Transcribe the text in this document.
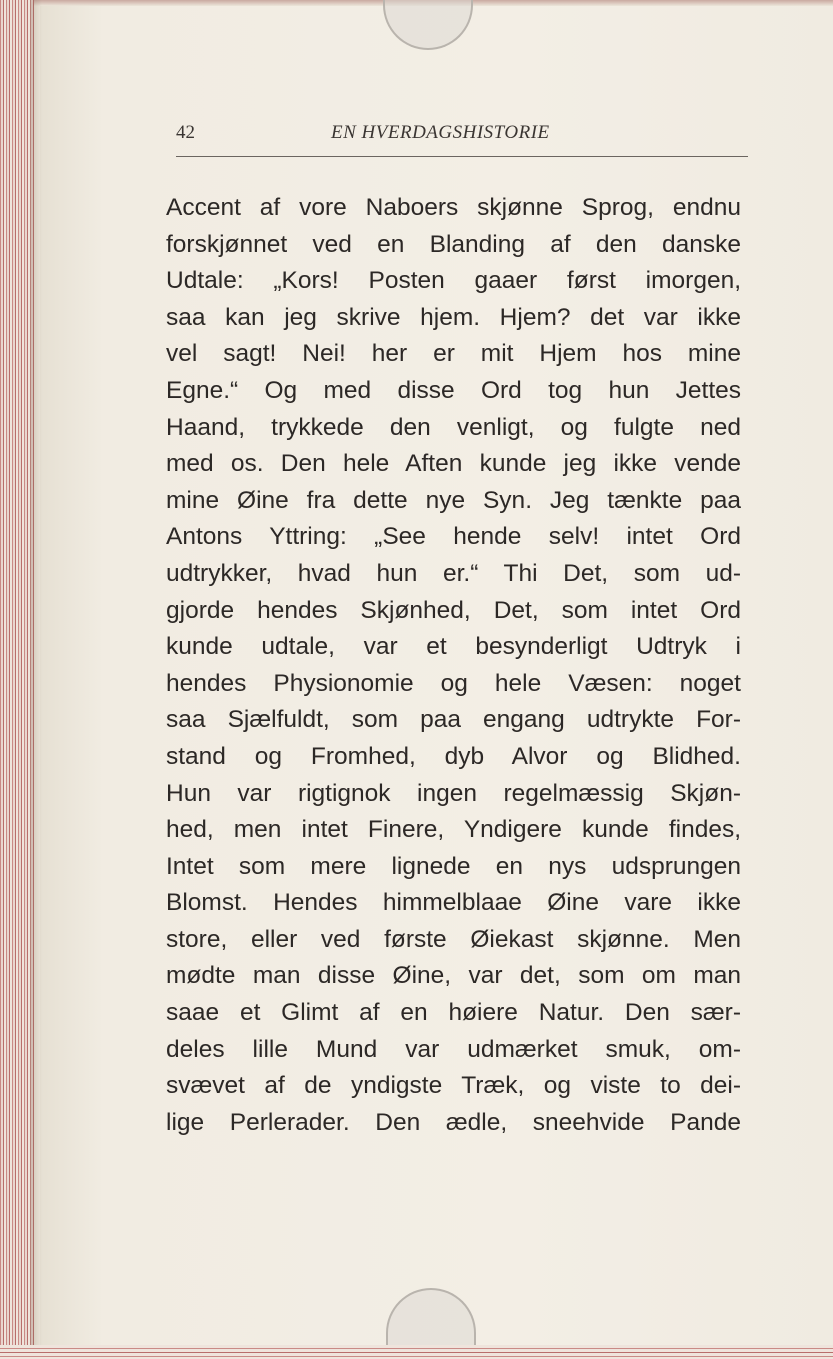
42	EN HVERDAGSHISTORIE
Accent af vore Naboers skjønne Sprog, endnu
forskjønnet ved en Blanding af den danske
Udtale: „Kors! Posten gaaer først imorgen,
saa kan jeg skrive hjem. Hjem? det var ikke
vel sagt! Nei! her er mit Hjem hos mine
Egne.“ Og med disse Ord tog hun Jettes
Haand, trykkede den venligt, og fulgte ned
med os. Den hele Aften kunde jeg ikke vende
mine Øine fra dette nye Syn. Jeg tænkte paa
Antons Yttring: „See hende selv! intet Ord
udtrykker, hvad hun er.“ Thi Det, som ud-
gjorde hendes Skjønhed, Det, som intet Ord
kunde udtale, var et besynderligt Udtryk i
hendes Physionomie og hele Væsen: noget
saa Sjælfuldt, som paa engang udtrykte For-
stand og Fromhed, dyb Alvor og Blidhed.
Hun var rigtignok ingen regelmæssig Skjøn-
hed, men intet Finere, Yndigere kunde findes,
Intet som mere lignede en nys udsprungen
Blomst. Hendes himmelblaae Øine vare ikke
store, eller ved første Øiekast skjønne. Men
mødte man disse Øine, var det, som om man
saae et Glimt af en høiere Natur. Den sær-
deles lille Mund var udmærket smuk, om-
svævet af de yndigste Træk, og viste to dei-
lige Perlerader. Den ædle, sneehvide Pande
